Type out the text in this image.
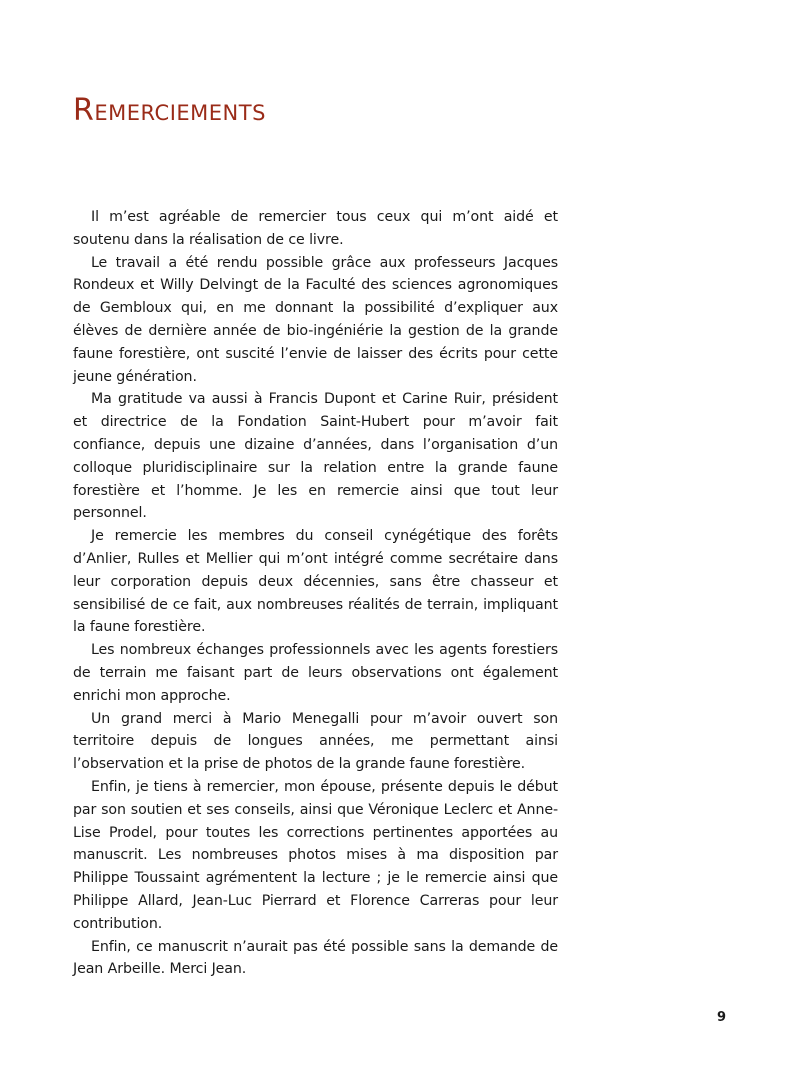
Remerciements

Il m’est agréable de remercier tous ceux qui m’ont aidé et soutenu dans la réalisation de ce livre.

Le travail a été rendu possible grâce aux professeurs Jacques Rondeux et Willy Delvingt de la Faculté des sciences agronomiques de Gembloux qui, en me donnant la possibilité d’expliquer aux élèves de dernière année de bio-ingéniérie la gestion de la grande faune forestière, ont suscité l’envie de laisser des écrits pour cette jeune génération.

Ma gratitude va aussi à Francis Dupont et Carine Ruir, président et directrice de la Fondation Saint-Hubert pour m’avoir fait confiance, depuis une dizaine d’années, dans l’organisation d’un colloque pluridisciplinaire sur la relation entre la grande faune forestière et l’homme. Je les en remercie ainsi que tout leur personnel.

Je remercie les membres du conseil cynégétique des forêts d’Anlier, Rulles et Mellier qui m’ont intégré comme secrétaire dans leur corporation depuis deux décennies, sans être chasseur et sensibilisé de ce fait, aux nombreuses réalités de terrain, impliquant la faune forestière.

Les nombreux échanges professionnels avec les agents forestiers de terrain me faisant part de leurs observations ont également enrichi mon approche.

Un grand merci à Mario Menegalli pour m’avoir ouvert son territoire depuis de longues années, me permettant ainsi l’observation et la prise de photos de la grande faune forestière.

Enfin, je tiens à remercier, mon épouse, présente depuis le début par son soutien et ses conseils, ainsi que Véronique Leclerc et Anne-Lise Prodel, pour toutes les corrections pertinentes apportées au manuscrit. Les nombreuses photos mises à ma disposition par Philippe Toussaint agrémentent la lecture ; je le remercie ainsi que Philippe Allard, Jean-Luc Pierrard et Florence Carreras pour leur contribution.

Enfin, ce manuscrit n’aurait pas été possible sans la demande de Jean Arbeille. Merci Jean.

9
